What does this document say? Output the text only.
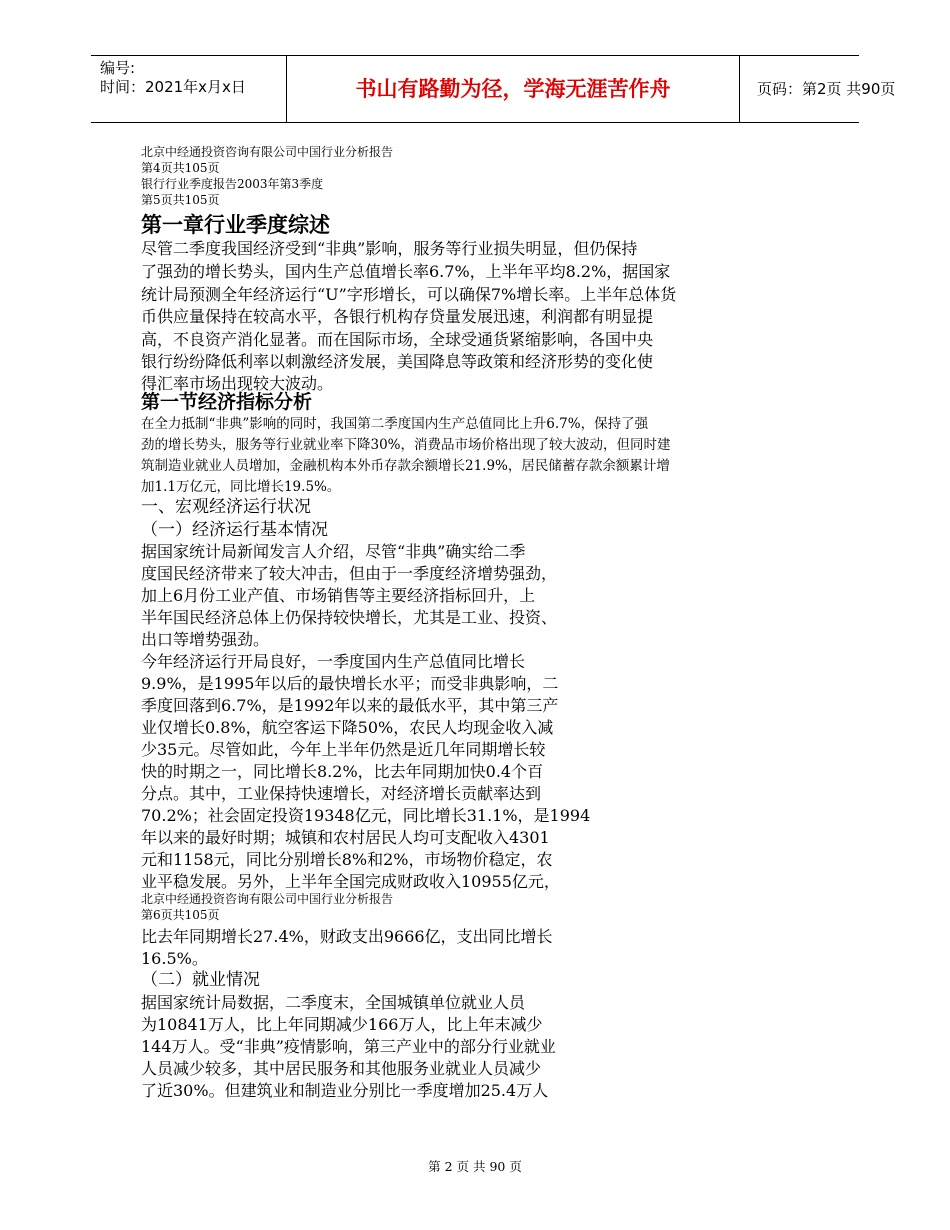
编号:
时间：2021年x月x日	书山有路勤为径，学海无涯苦作舟	页码：第2页 共90页
北京中经通投资咨询有限公司中国行业分析报告
第4页共105页
银行行业季度报告2003年第3季度
第5页共105页
第一章行业季度综述
尽管二季度我国经济受到“非典”影响，服务等行业损失明显，但仍保持
了强劲的增长势头，国内生产总值增长率6.7%，上半年平均8.2%，据国家
统计局预测全年经济运行“U”字形增长，可以确保7%增长率。上半年总体货
币供应量保持在较高水平，各银行机构存贷量发展迅速，利润都有明显提
高，不良资产消化显著。而在国际市场，全球受通货紧缩影响，各国中央
银行纷纷降低利率以刺激经济发展，美国降息等政策和经济形势的变化使
得汇率市场出现较大波动。
第一节经济指标分析
在全力抵制“非典”影响的同时，我国第二季度国内生产总值同比上升6.7%，保持了强
劲的增长势头，服务等行业就业率下降30%，消费品市场价格出现了较大波动，但同时建
筑制造业就业人员增加，金融机构本外币存款余额增长21.9%，居民储蓄存款余额累计增
加1.1万亿元，同比增长19.5%。
一、宏观经济运行状况
（一）经济运行基本情况
据国家统计局新闻发言人介绍，尽管“非典”确实给二季
度国民经济带来了较大冲击，但由于一季度经济增势强劲，
加上6月份工业产值、市场销售等主要经济指标回升，上
半年国民经济总体上仍保持较快增长，尤其是工业、投资、
出口等增势强劲。
今年经济运行开局良好，一季度国内生产总值同比增长
9.9%，是1995年以后的最快增长水平；而受非典影响，二
季度回落到6.7%，是1992年以来的最低水平，其中第三产
业仅增长0.8%，航空客运下降50%，农民人均现金收入减
少35元。尽管如此，今年上半年仍然是近几年同期增长较
快的时期之一，同比增长8.2%，比去年同期加快0.4个百
分点。其中，工业保持快速增长，对经济增长贡献率达到
70.2%；社会固定投资19348亿元，同比增长31.1%，是1994
年以来的最好时期；城镇和农村居民人均可支配收入4301
元和1158元，同比分别增长8%和2%，市场物价稳定，农
业平稳发展。另外，上半年全国完成财政收入10955亿元，
北京中经通投资咨询有限公司中国行业分析报告
第6页共105页
比去年同期增长27.4%，财政支出9666亿，支出同比增长
16.5%。
（二）就业情况
据国家统计局数据，二季度末，全国城镇单位就业人员
为10841万人，比上年同期减少166万人，比上年末减少
144万人。受“非典”疫情影响，第三产业中的部分行业就业
人员减少较多，其中居民服务和其他服务业就业人员减少
了近30%。但建筑业和制造业分别比一季度增加25.4万人
第 2 页 共 90 页
